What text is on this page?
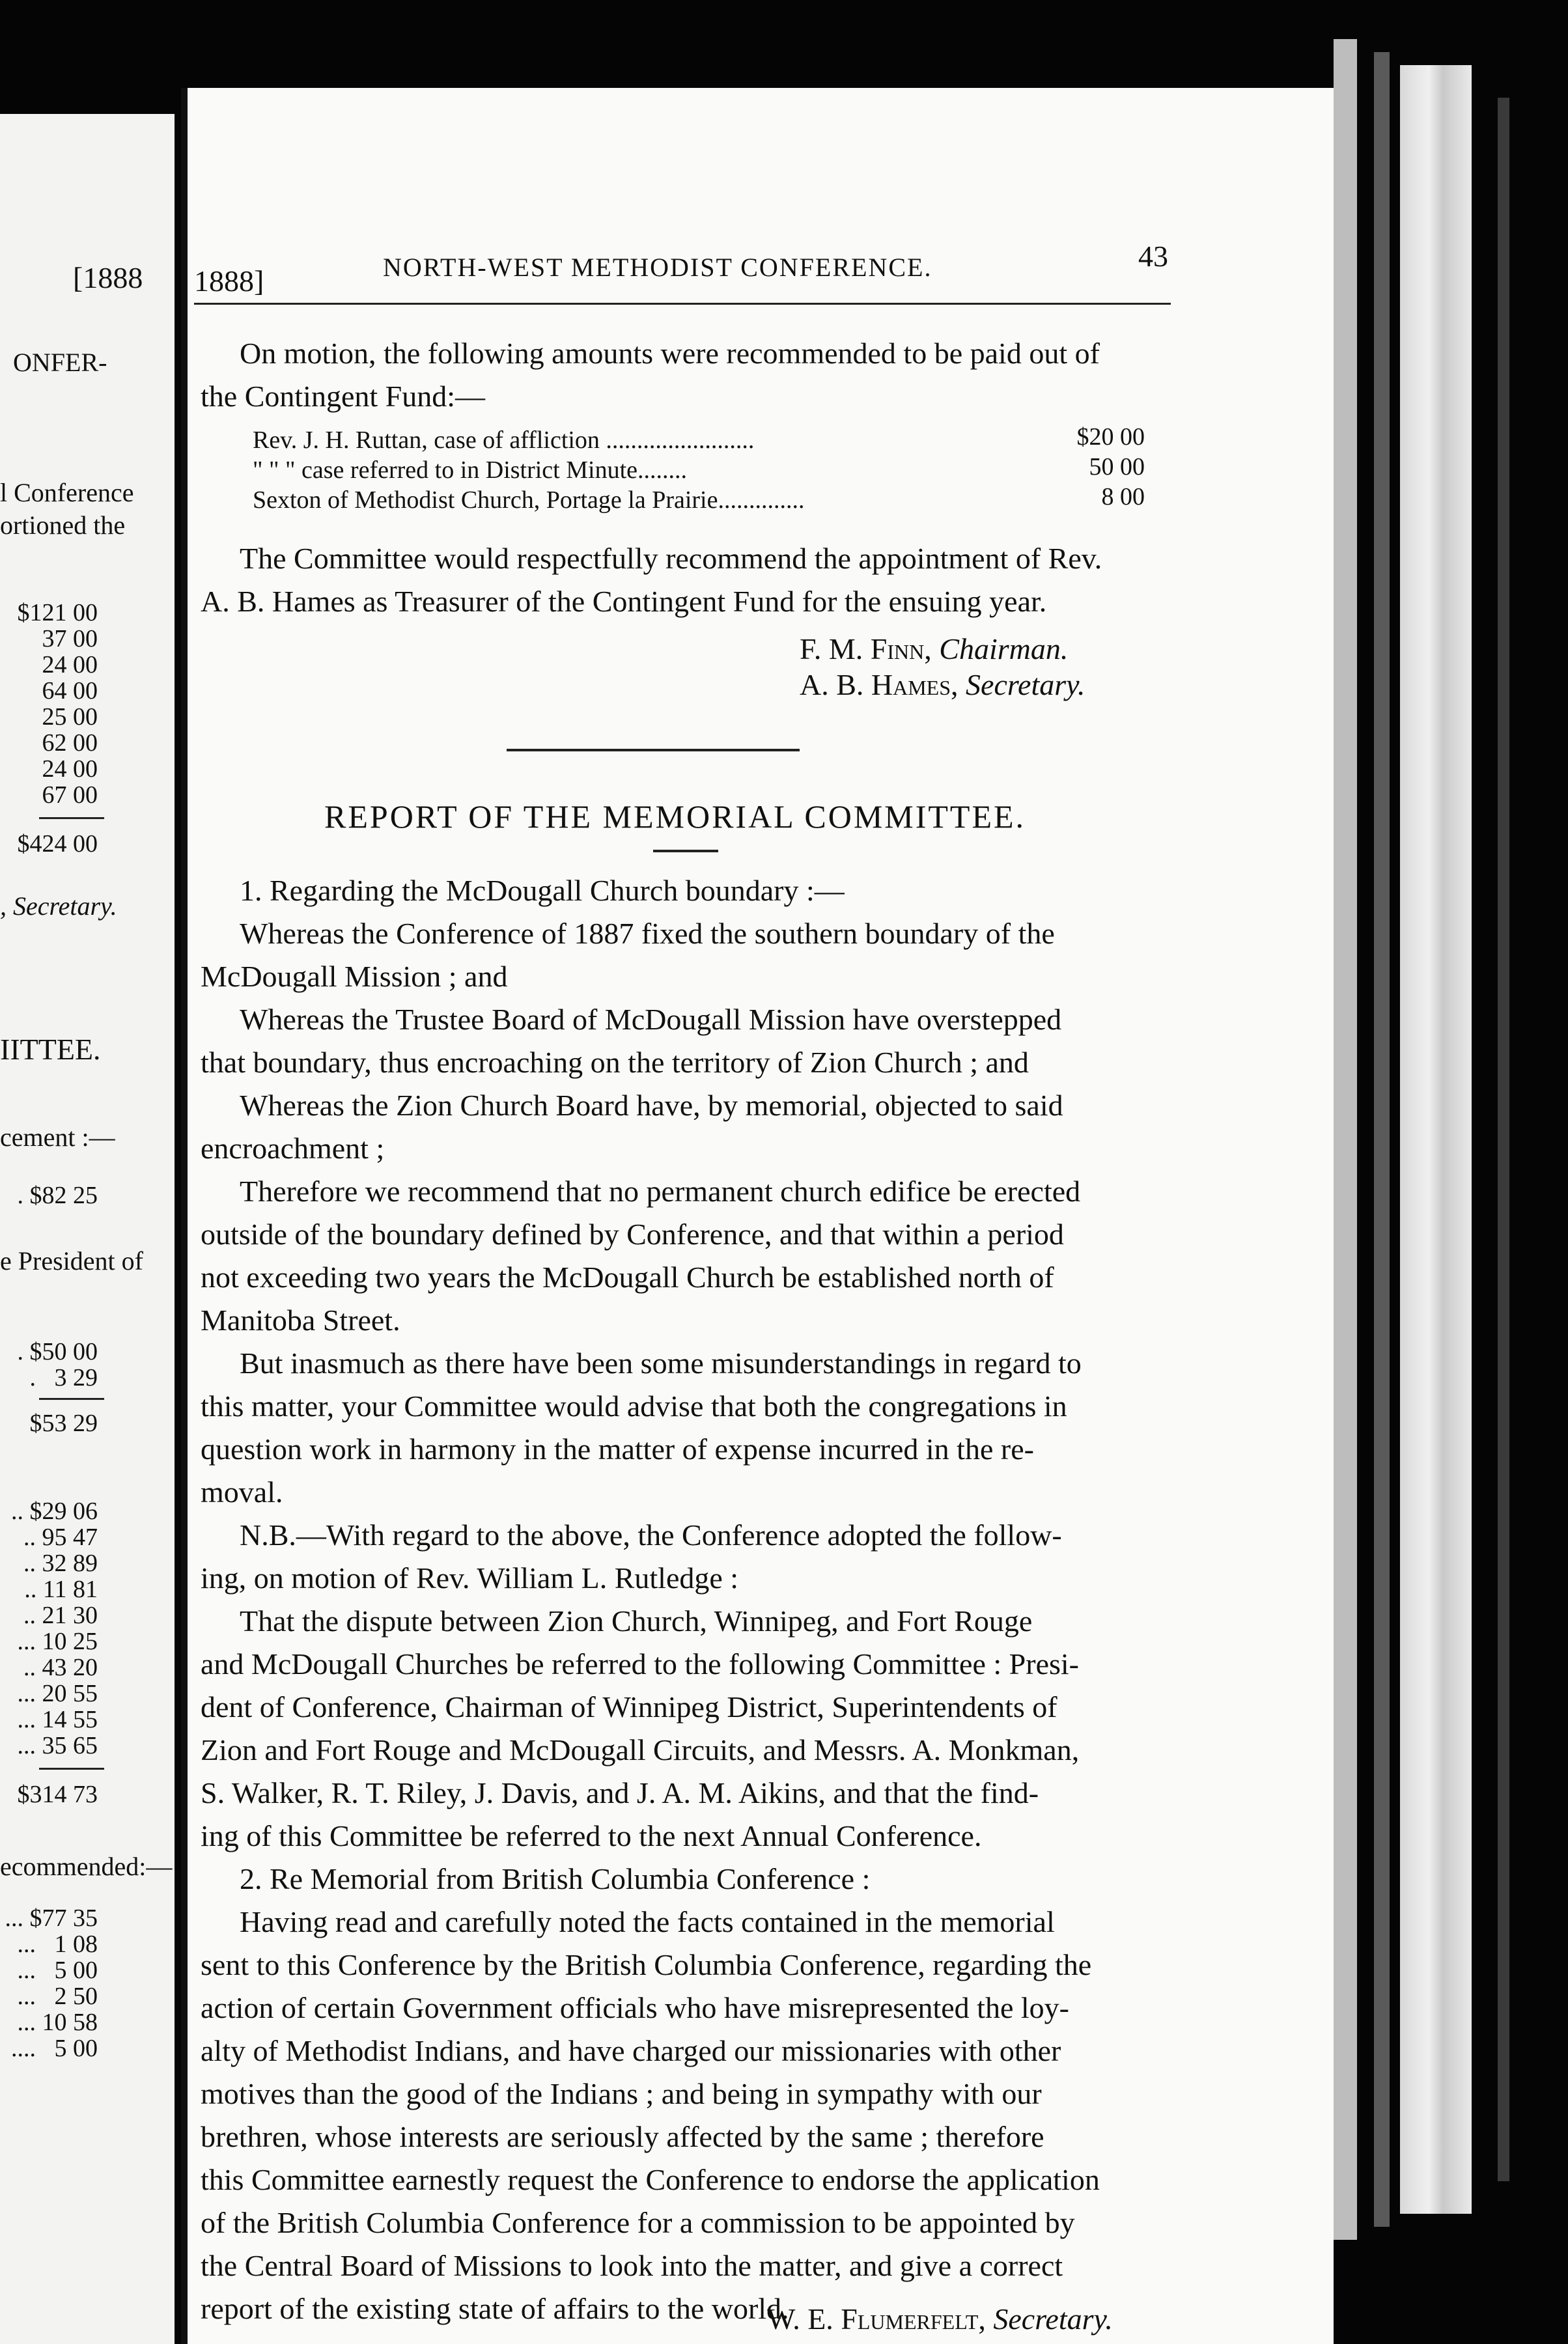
[1888
ONFER-
l Conference
ortioned the
$121 00
37 00
24 00
64 00
25 00
62 00
24 00
67 00
$424 00
, Secretary.
IITTEE.
cement :—
. $82 25
e President of
. $50 00
.   3 29
$53 29
.. $29 06
.. 95 47
.. 32 89
.. 11 81
.. 21 30
... 10 25
.. 43 20
... 20 55
... 14 55
... 35 65
$314 73
ecommended:—
... $77 35
...   1 08
...   5 00
...   2 50
... 10 58
....   5 00
1888]	NORTH-WEST METHODIST CONFERENCE.	43
On motion, the following amounts were recommended to be paid out of
the Contingent Fund:—
Rev. J. H. Ruttan, case of affliction ........................	$20 00
" " " case referred to in District Minute........	50 00
Sexton of Methodist Church, Portage la Prairie..............	8 00
The Committee would respectfully recommend the appointment of Rev.
A. B. Hames as Treasurer of the Contingent Fund for the ensuing year.
F. M. Finn, Chairman.
A. B. Hames, Secretary.
REPORT OF THE MEMORIAL COMMITTEE.
1. Regarding the McDougall Church boundary :—
Whereas the Conference of 1887 fixed the southern boundary of the
McDougall Mission ; and
Whereas the Trustee Board of McDougall Mission have overstepped
that boundary, thus encroaching on the territory of Zion Church ; and
Whereas the Zion Church Board have, by memorial, objected to said
encroachment ;
Therefore we recommend that no permanent church edifice be erected
outside of the boundary defined by Conference, and that within a period
not exceeding two years the McDougall Church be established north of
Manitoba Street.
But inasmuch as there have been some misunderstandings in regard to
this matter, your Committee would advise that both the congregations in
question work in harmony in the matter of expense incurred in the re-
moval.
N.B.—With regard to the above, the Conference adopted the follow-
ing, on motion of Rev. William L. Rutledge :
That the dispute between Zion Church, Winnipeg, and Fort Rouge
and McDougall Churches be referred to the following Committee : Presi-
dent of Conference, Chairman of Winnipeg District, Superintendents of
Zion and Fort Rouge and McDougall Circuits, and Messrs. A. Monkman,
S. Walker, R. T. Riley, J. Davis, and J. A. M. Aikins, and that the find-
ing of this Committee be referred to the next Annual Conference.
2. Re Memorial from British Columbia Conference :
Having read and carefully noted the facts contained in the memorial
sent to this Conference by the British Columbia Conference, regarding the
action of certain Government officials who have misrepresented the loy-
alty of Methodist Indians, and have charged our missionaries with other
motives than the good of the Indians ; and being in sympathy with our
brethren, whose interests are seriously affected by the same ; therefore
this Committee earnestly request the Conference to endorse the application
of the British Columbia Conference for a commission to be appointed by
the Central Board of Missions to look into the matter, and give a correct
report of the existing state of affairs to the world.
W. E. Flumerfelt, Secretary.
